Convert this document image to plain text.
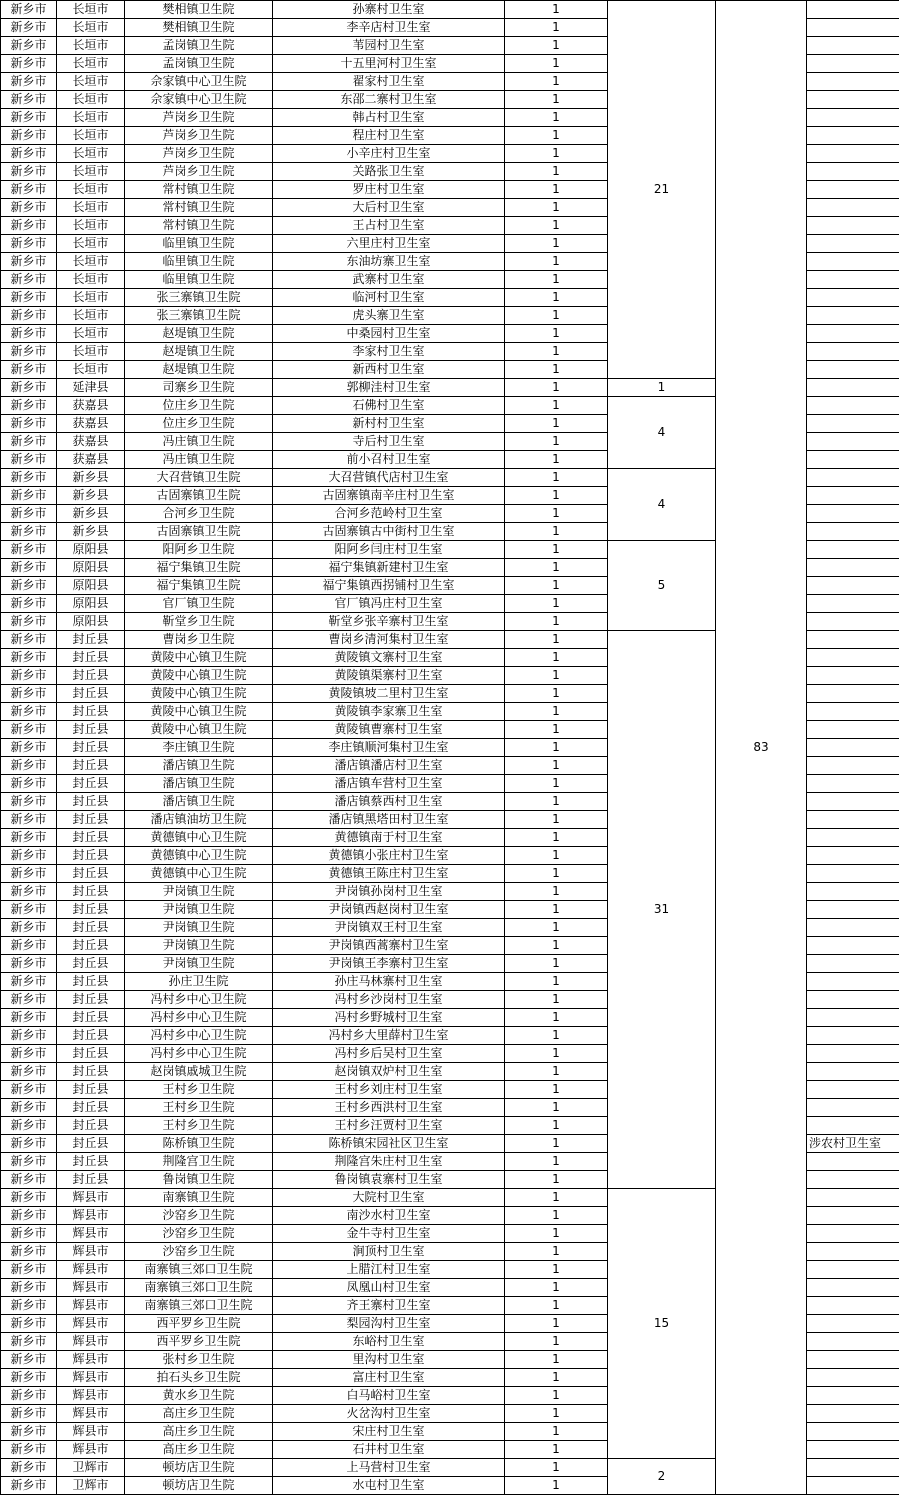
新乡市	长垣市	樊相镇卫生院	孙寨村卫生室	1	21	83	
新乡市	长垣市	樊相镇卫生院	李辛店村卫生室	1			
新乡市	长垣市	孟岗镇卫生院	苇园村卫生室	1			
新乡市	长垣市	孟岗镇卫生院	十五里河村卫生室	1			
新乡市	长垣市	佘家镇中心卫生院	翟家村卫生室	1			
新乡市	长垣市	佘家镇中心卫生院	东邵二寨村卫生室	1			
新乡市	长垣市	芦岗乡卫生院	韩占村卫生室	1			
新乡市	长垣市	芦岗乡卫生院	程庄村卫生室	1			
新乡市	长垣市	芦岗乡卫生院	小辛庄村卫生室	1			
新乡市	长垣市	芦岗乡卫生院	关路张卫生室	1			
新乡市	长垣市	常村镇卫生院	罗庄村卫生室	1			
新乡市	长垣市	常村镇卫生院	大后村卫生室	1			
新乡市	长垣市	常村镇卫生院	王占村卫生室	1			
新乡市	长垣市	临里镇卫生院	六里庄村卫生室	1			
新乡市	长垣市	临里镇卫生院	东油坊寨卫生室	1			
新乡市	长垣市	临里镇卫生院	武寨村卫生室	1			
新乡市	长垣市	张三寨镇卫生院	临河村卫生室	1			
新乡市	长垣市	张三寨镇卫生院	虎头寨卫生室	1			
新乡市	长垣市	赵堤镇卫生院	中桑园村卫生室	1			
新乡市	长垣市	赵堤镇卫生院	李家村卫生室	1			
新乡市	长垣市	赵堤镇卫生院	新西村卫生室	1			
新乡市	延津县	司寨乡卫生院	郭柳洼村卫生室	1	1		
新乡市	获嘉县	位庄乡卫生院	石佛村卫生室	1	4		
新乡市	获嘉县	位庄乡卫生院	新村村卫生室	1			
新乡市	获嘉县	冯庄镇卫生院	寺后村卫生室	1			
新乡市	获嘉县	冯庄镇卫生院	前小召村卫生室	1			
新乡市	新乡县	大召营镇卫生院	大召营镇代店村卫生室	1	4		
新乡市	新乡县	古固寨镇卫生院	古固寨镇南辛庄村卫生室	1			
新乡市	新乡县	合河乡卫生院	合河乡范岭村卫生室	1			
新乡市	新乡县	古固寨镇卫生院	古固寨镇古中街村卫生室	1			
新乡市	原阳县	阳阿乡卫生院	阳阿乡闫庄村卫生室	1	5		
新乡市	原阳县	福宁集镇卫生院	福宁集镇新建村卫生室	1			
新乡市	原阳县	福宁集镇卫生院	福宁集镇西拐铺村卫生室	1			
新乡市	原阳县	官厂镇卫生院	官厂镇冯庄村卫生室	1			
新乡市	原阳县	靳堂乡卫生院	靳堂乡张辛寨村卫生室	1			
新乡市	封丘县	曹岗乡卫生院	曹岗乡清河集村卫生室	1	31		
新乡市	封丘县	黄陵中心镇卫生院	黄陵镇文寨村卫生室	1			
新乡市	封丘县	黄陵中心镇卫生院	黄陵镇渠寨村卫生室	1			
新乡市	封丘县	黄陵中心镇卫生院	黄陵镇坡二里村卫生室	1			
新乡市	封丘县	黄陵中心镇卫生院	黄陵镇李家寨卫生室	1			
新乡市	封丘县	黄陵中心镇卫生院	黄陵镇曹寨村卫生室	1			
新乡市	封丘县	李庄镇卫生院	李庄镇顺河集村卫生室	1			
新乡市	封丘县	潘店镇卫生院	潘店镇潘店村卫生室	1			
新乡市	封丘县	潘店镇卫生院	潘店镇车营村卫生室	1			
新乡市	封丘县	潘店镇卫生院	潘店镇蔡西村卫生室	1			
新乡市	封丘县	潘店镇油坊卫生院	潘店镇黑塔田村卫生室	1			
新乡市	封丘县	黄德镇中心卫生院	黄德镇南于村卫生室	1			
新乡市	封丘县	黄德镇中心卫生院	黄德镇小张庄村卫生室	1			
新乡市	封丘县	黄德镇中心卫生院	黄德镇王陈庄村卫生室	1			
新乡市	封丘县	尹岗镇卫生院	尹岗镇孙岗村卫生室	1			
新乡市	封丘县	尹岗镇卫生院	尹岗镇西赵岗村卫生室	1			
新乡市	封丘县	尹岗镇卫生院	尹岗镇双王村卫生室	1			
新乡市	封丘县	尹岗镇卫生院	尹岗镇西蒿寨村卫生室	1			
新乡市	封丘县	尹岗镇卫生院	尹岗镇王李寨村卫生室	1			
新乡市	封丘县	孙庄卫生院	孙庄马林寨村卫生室	1			
新乡市	封丘县	冯村乡中心卫生院	冯村乡沙岗村卫生室	1			
新乡市	封丘县	冯村乡中心卫生院	冯村乡野城村卫生室	1			
新乡市	封丘县	冯村乡中心卫生院	冯村乡大里薛村卫生室	1			
新乡市	封丘县	冯村乡中心卫生院	冯村乡后吴村卫生室	1			
新乡市	封丘县	赵岗镇戚城卫生院	赵岗镇双炉村卫生室	1			
新乡市	封丘县	王村乡卫生院	王村乡刘庄村卫生室	1			
新乡市	封丘县	王村乡卫生院	王村乡西洪村卫生室	1			
新乡市	封丘县	王村乡卫生院	王村乡汪贾村卫生室	1			
新乡市	封丘县	陈桥镇卫生院	陈桥镇宋园社区卫生室	1			涉农村卫生室
新乡市	封丘县	荆隆宫卫生院	荆隆宫朱庄村卫生室	1			
新乡市	封丘县	鲁岗镇卫生院	鲁岗镇袁寨村卫生室	1			
新乡市	辉县市	南寨镇卫生院	大院村卫生室	1	15		
新乡市	辉县市	沙窑乡卫生院	南沙水村卫生室	1			
新乡市	辉县市	沙窑乡卫生院	金牛寺村卫生室	1			
新乡市	辉县市	沙窑乡卫生院	涧顶村卫生室	1			
新乡市	辉县市	南寨镇三郊口卫生院	上腊江村卫生室	1			
新乡市	辉县市	南寨镇三郊口卫生院	凤凰山村卫生室	1			
新乡市	辉县市	南寨镇三郊口卫生院	齐王寨村卫生室	1			
新乡市	辉县市	西平罗乡卫生院	梨园沟村卫生室	1			
新乡市	辉县市	西平罗乡卫生院	东峪村卫生室	1			
新乡市	辉县市	张村乡卫生院	里沟村卫生室	1			
新乡市	辉县市	拍石头乡卫生院	富庄村卫生室	1			
新乡市	辉县市	黄水乡卫生院	白马峪村卫生室	1			
新乡市	辉县市	高庄乡卫生院	火岔沟村卫生室	1			
新乡市	辉县市	高庄乡卫生院	宋庄村卫生室	1			
新乡市	辉县市	高庄乡卫生院	石井村卫生室	1			
新乡市	卫辉市	顿坊店卫生院	上马营村卫生室	1	2		
新乡市	卫辉市	顿坊店卫生院	水屯村卫生室	1			
